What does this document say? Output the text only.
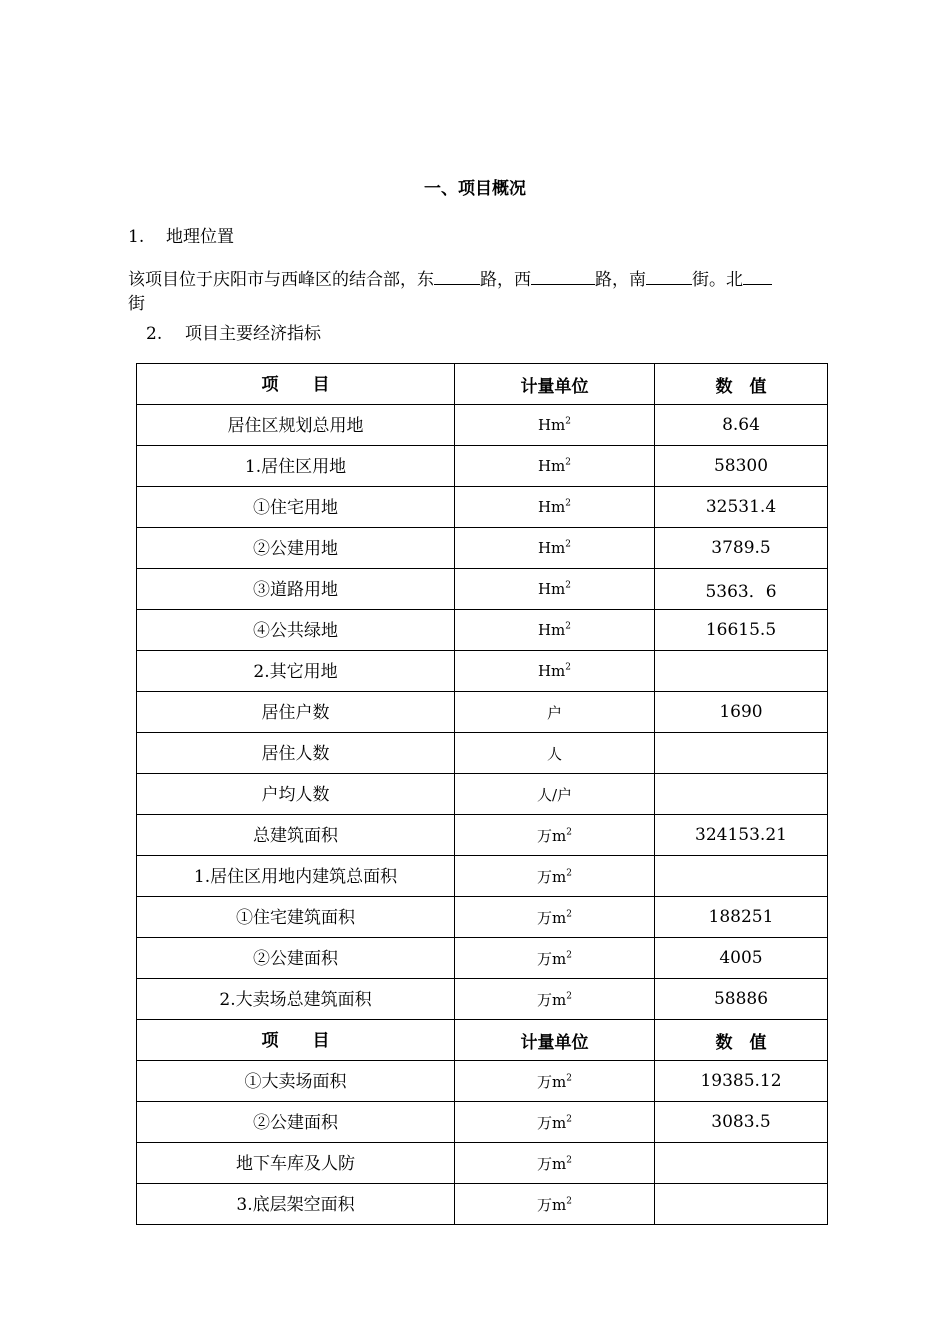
一、项目概况
1. 地理位置
该项目位于庆阳市与西峰区的结合部，东	路，西	路，南	街。北
街
2. 项目主要经济指标
项　　目	计量单位	数　值
居住区规划总用地	Hm$^2$	8.64
1.居住区用地	Hm$^2$	58300
①住宅用地	Hm$^2$	32531.4
②公建用地	Hm$^2$	3789.5
③道路用地	Hm$^2$	5363．6
④公共绿地	Hm$^2$	16615.5
2.其它用地	Hm$^2$	
居住户数	户	1690
居住人数	人	
户均人数	人/户	
总建筑面积	万$m^2$	324153.21
1.居住区用地内建筑总面积	万$m^2$	
①住宅建筑面积	万$m^2$	188251
②公建面积	万$m^2$	4005
2.大卖场总建筑面积	万$m^2$	58886
项　　目	计量单位	数　值
①大卖场面积	万$m^2$	19385.12
②公建面积	万$m^2$	3083.5
地下车库及人防	万$m^2$	
3.底层架空面积	万$m^2$	
